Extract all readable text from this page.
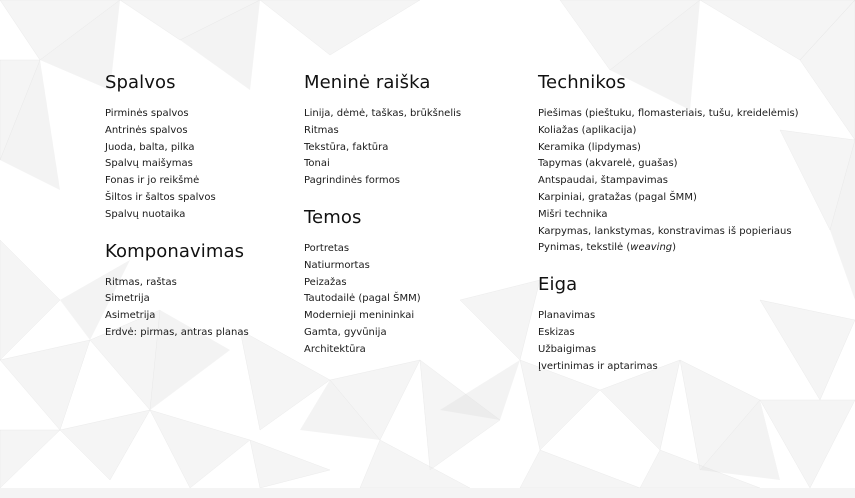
Spalvos
Pirminės spalvos
Antrinės spalvos
Juoda, balta, pilka
Spalvų maišymas
Fonas ir jo reikšmė
Šiltos ir šaltos spalvos
Spalvų nuotaika
Komponavimas
Ritmas, raštas
Simetrija
Asimetrija
Erdvė: pirmas, antras planas
Meninė raiška
Linija, dėmė, taškas, brūkšnelis
Ritmas
Tekstūra, faktūra
Tonai
Pagrindinės formos
Temos
Portretas
Natiurmortas
Peizažas
Tautodailė (pagal ŠMM)
Modernieji menininkai
Gamta, gyvūnija
Architektūra
Technikos
Piešimas (pieštuku, flomasteriais, tušu, kreidelėmis)
Koliažas (aplikacija)
Keramika (lipdymas)
Tapymas (akvarelė, guašas)
Antspaudai, štampavimas
Karpiniai, gratažas (pagal ŠMM)
Mišri technika
Karpymas, lankstymas, konstravimas iš popieriaus
Pynimas, tekstilė (weaving)
Eiga
Planavimas
Eskizas
Užbaigimas
Įvertinimas ir aptarimas
